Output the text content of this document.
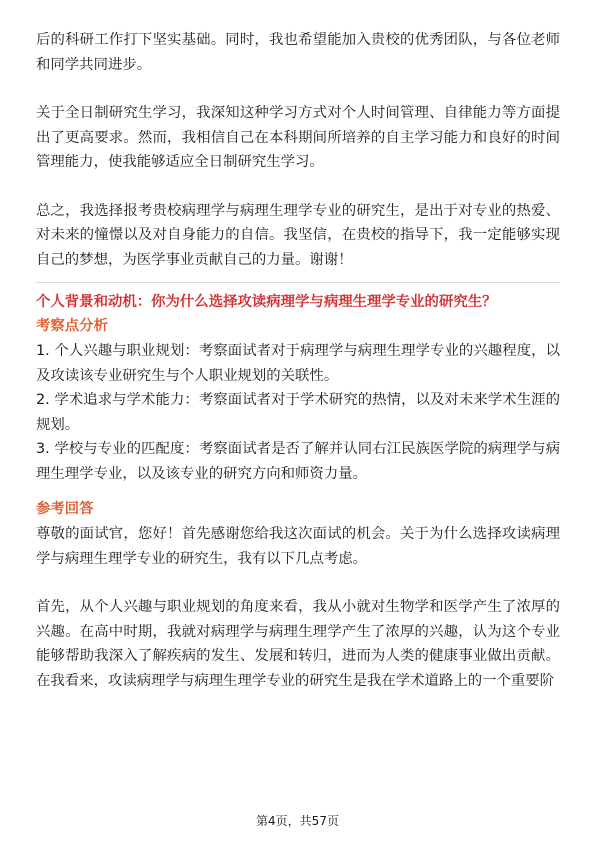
后的科研工作打下坚实基础。同时，我也希望能加入贵校的优秀团队，与各位老师和同学共同进步。

关于全日制研究生学习，我深知这种学习方式对个人时间管理、自律能力等方面提出了更高要求。然而，我相信自己在本科期间所培养的自主学习能力和良好的时间管理能力，使我能够适应全日制研究生学习。

总之，我选择报考贵校病理学与病理生理学专业的研究生，是出于对专业的热爱、对未来的憧憬以及对自身能力的自信。我坚信，在贵校的指导下，我一定能够实现自己的梦想，为医学事业贡献自己的力量。谢谢！

个人背景和动机：你为什么选择攻读病理学与病理生理学专业的研究生？

考察点分析

1. 个人兴趣与职业规划：考察面试者对于病理学与病理生理学专业的兴趣程度，以及攻读该专业研究生与个人职业规划的关联性。

2. 学术追求与学术能力：考察面试者对于学术研究的热情，以及对未来学术生涯的规划。

3. 学校与专业的匹配度：考察面试者是否了解并认同右江民族医学院的病理学与病理生理学专业，以及该专业的研究方向和师资力量。

参考回答

尊敬的面试官，您好！首先感谢您给我这次面试的机会。关于为什么选择攻读病理学与病理生理学专业的研究生，我有以下几点考虑。

首先，从个人兴趣与职业规划的角度来看，我从小就对生物学和医学产生了浓厚的兴趣。在高中时期，我就对病理学与病理生理学产生了浓厚的兴趣，认为这个专业能够帮助我深入了解疾病的发生、发展和转归，进而为人类的健康事业做出贡献。在我看来，攻读病理学与病理生理学专业的研究生是我在学术道路上的一个重要阶

第4页，共57页
